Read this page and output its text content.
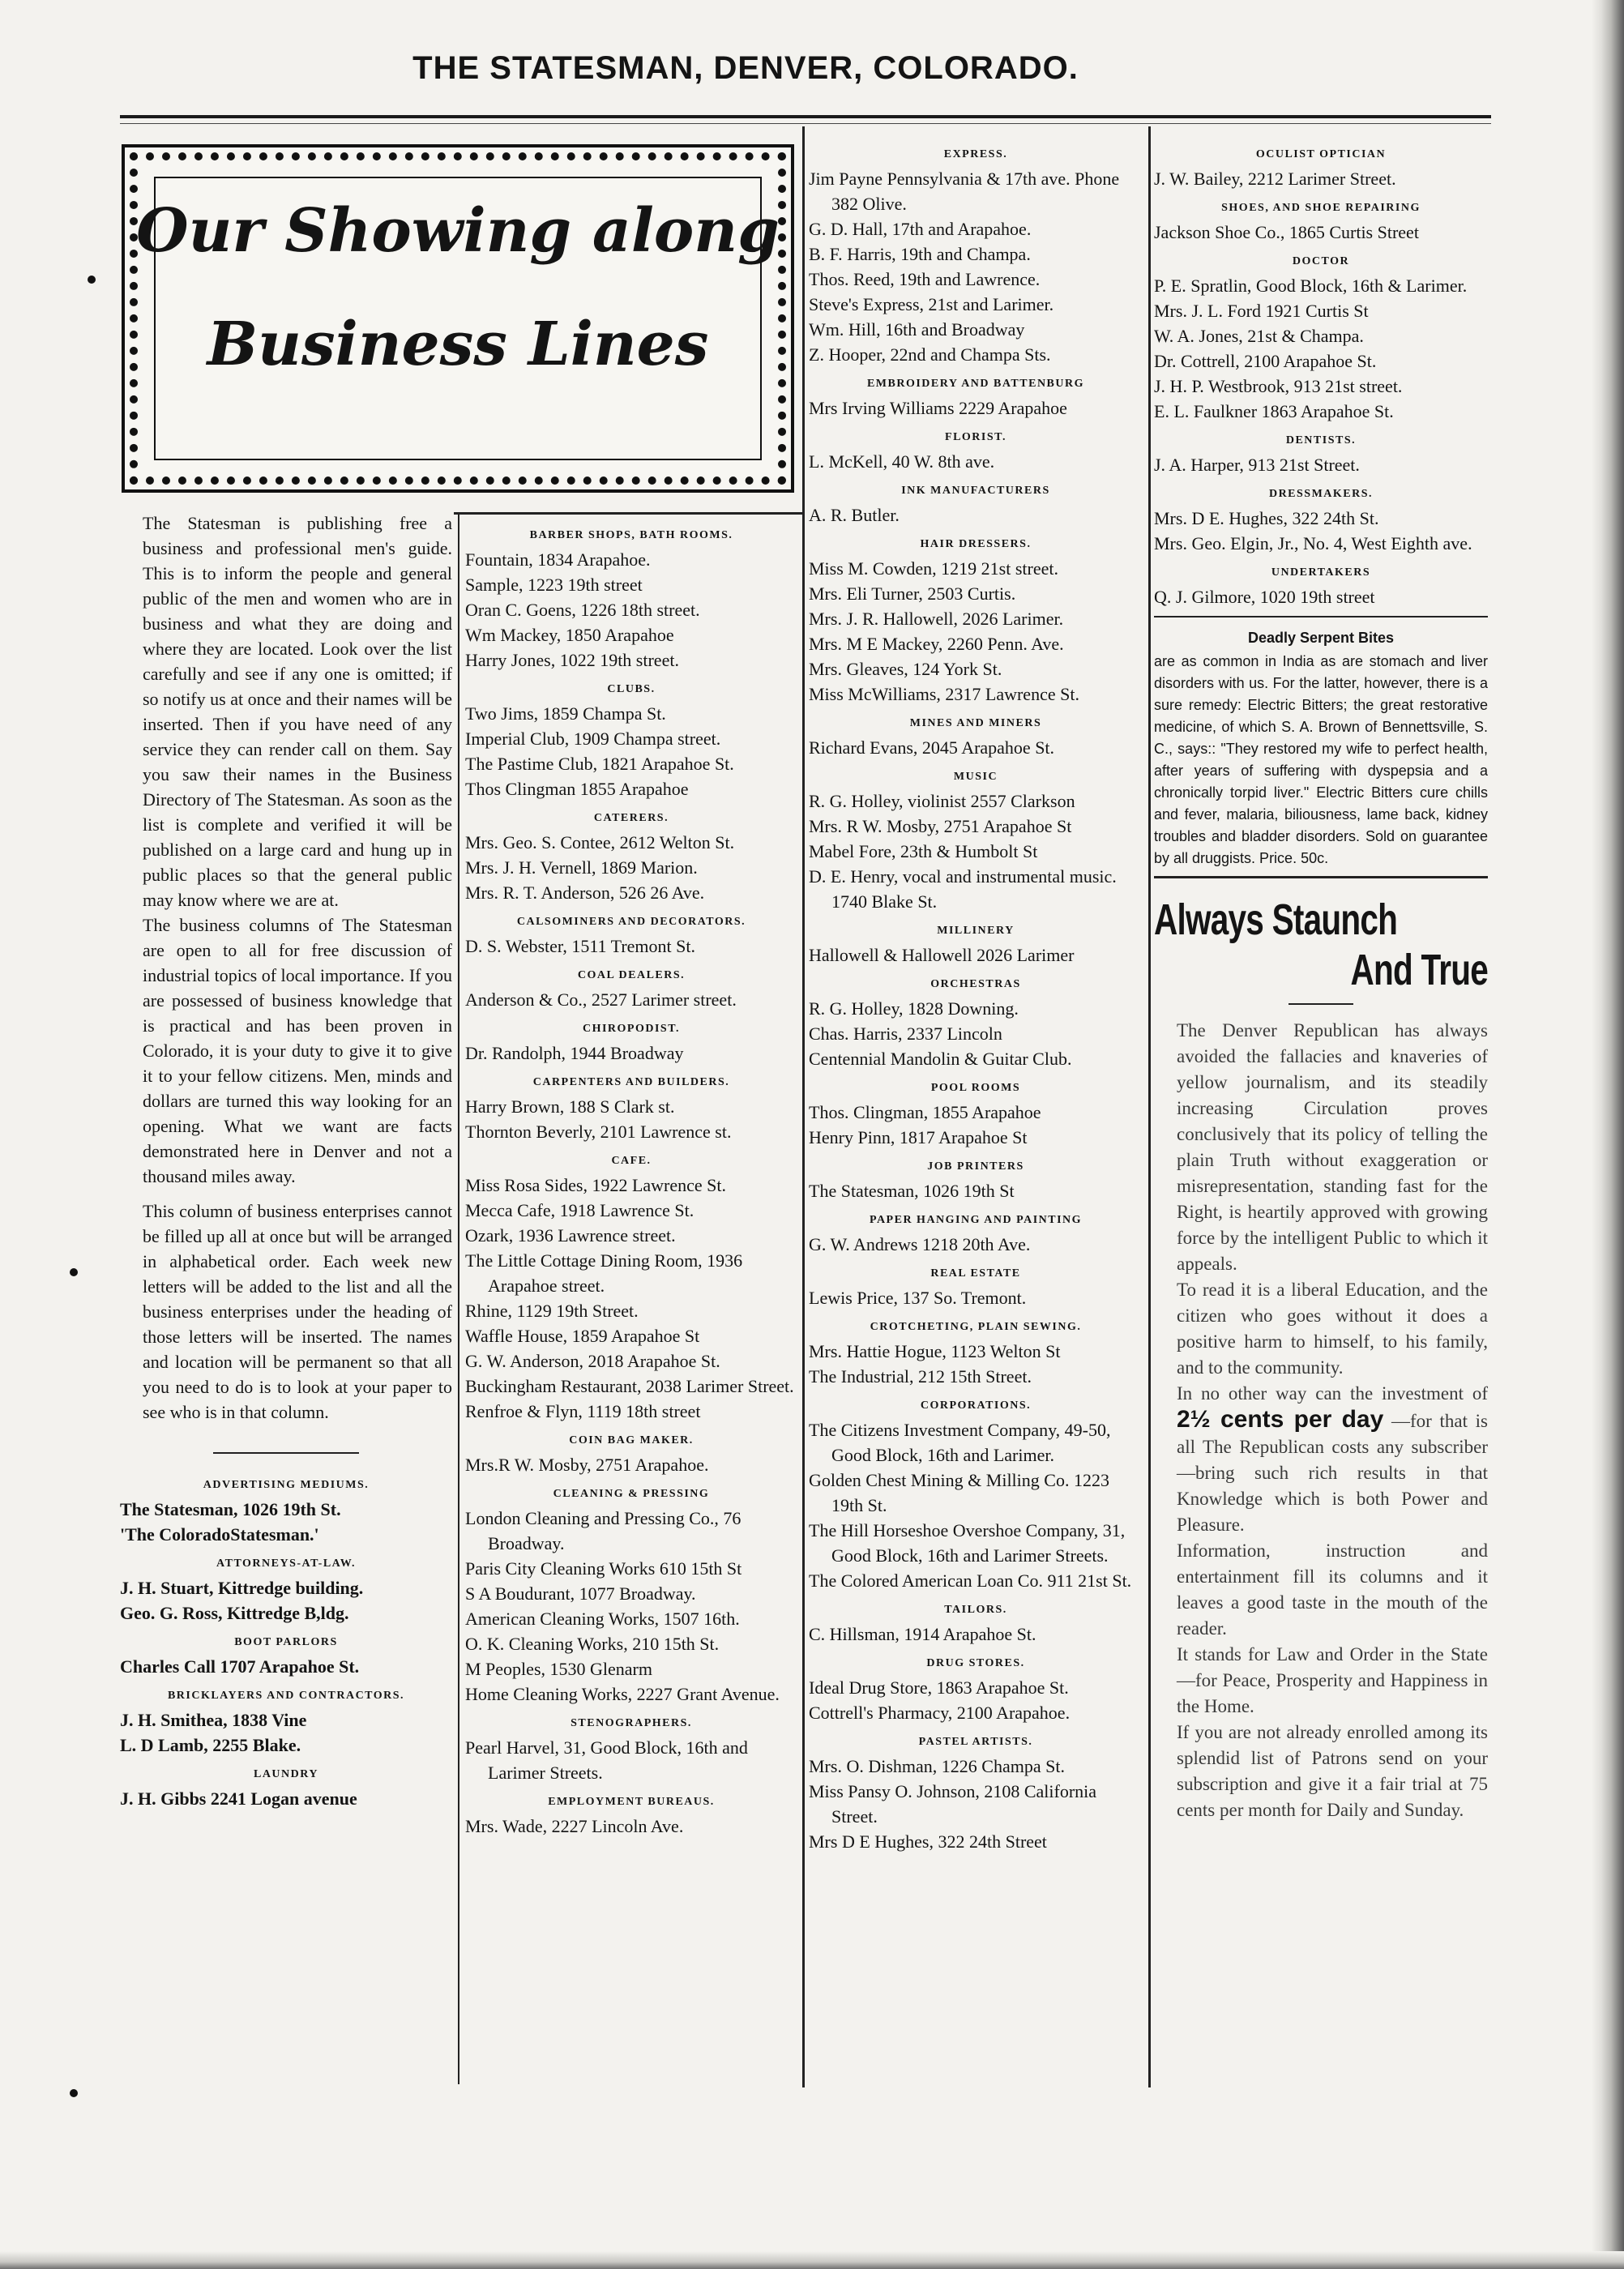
THE STATESMAN, DENVER, COLORADO.
Our Showing along
Business Lines

The Statesman is publishing free a business and professional men's guide. This is to inform the people and general public of the men and women who are in business and what they are doing and where they are located. Look over the list carefully and see if any one is omitted; if so notify us at once and their names will be inserted. Then if you have need of any service they can render call on them. Say you saw their names in the Business Directory of The Statesman. As soon as the list is complete and verified it will be published on a large card and hung up in public places so that the general public may know where we are at.

The business columns of The Statesman are open to all for free discussion of industrial topics of local importance. If you are possessed of business knowledge that is practical and has been proven in Colorado, it is your duty to give it to give it to your fellow citizens. Men, minds and dollars are turned this way looking for an opening. What we want are facts demonstrated here in Denver and not a thousand miles away.

This column of business enterprises cannot be filled up all at once but will be arranged in alphabetical order. Each week new letters will be added to the list and all the business enterprises under the heading of those letters will be inserted. The names and location will be permanent so that all you need to do is to look at your paper to see who is in that column.

ADVERTISING MEDIUMS.

The Statesman, 1026 19th St.

'The ColoradoStatesman.'

ATTORNEYS-AT-LAW.

J. H. Stuart, Kittredge building.

Geo. G. Ross, Kittredge B,ldg.

BOOT PARLORS

Charles Call 1707 Arapahoe St.

BRICKLAYERS AND CONTRACTORS.

J. H. Smithea, 1838 Vine

L. D Lamb, 2255 Blake.

LAUNDRY

J. H. Gibbs 2241 Logan avenue

BARBER SHOPS, BATH ROOMS.

Fountain, 1834 Arapahoe.

Sample, 1223 19th street

Oran C. Goens, 1226 18th street.

Wm Mackey, 1850 Arapahoe

Harry Jones, 1022 19th street.

CLUBS.

Two Jims, 1859 Champa St.

Imperial Club, 1909 Champa street.

The Pastime Club, 1821 Arapahoe St.

Thos Clingman 1855 Arapahoe

CATERERS.

Mrs. Geo. S. Contee, 2612 Welton St.

Mrs. J. H. Vernell, 1869 Marion.

Mrs. R. T. Anderson, 526 26 Ave.

CALSOMINERS AND DECORATORS.

D. S. Webster, 1511 Tremont St.

COAL DEALERS.

Anderson & Co., 2527 Larimer street.

CHIROPODIST.

Dr. Randolph, 1944 Broadway

CARPENTERS AND BUILDERS.

Harry Brown, 188 S Clark st.

Thornton Beverly, 2101 Lawrence st.

CAFE.

Miss Rosa Sides, 1922 Lawrence St.

Mecca Cafe, 1918 Lawrence St.

Ozark, 1936 Lawrence street.

The Little Cottage Dining Room, 1936 Arapahoe street.

Rhine, 1129 19th Street.

Waffle House, 1859 Arapahoe St

G. W. Anderson, 2018 Arapahoe St.

Buckingham Restaurant, 2038 Larimer Street.

Renfroe & Flyn, 1119 18th street

COIN BAG MAKER.

Mrs.R W. Mosby, 2751 Arapahoe.

CLEANING & PRESSING

London Cleaning and Pressing Co., 76 Broadway.

Paris City Cleaning Works 610 15th St

S A Boudurant, 1077 Broadway.

American Cleaning Works, 1507 16th.

O. K. Cleaning Works, 210 15th St.

M Peoples, 1530 Glenarm

Home Cleaning Works, 2227 Grant Avenue.

STENOGRAPHERS.

Pearl Harvel, 31, Good Block, 16th and Larimer Streets.

EMPLOYMENT BUREAUS.

Mrs. Wade, 2227 Lincoln Ave.

EXPRESS.

Jim Payne Pennsylvania & 17th ave. Phone 382 Olive.

G. D. Hall, 17th and Arapahoe.

B. F. Harris, 19th and Champa.

Thos. Reed, 19th and Lawrence.

Steve's Express, 21st and Larimer.

Wm. Hill, 16th and Broadway

Z. Hooper, 22nd and Champa Sts.

EMBROIDERY AND BATTENBURG

Mrs Irving Williams 2229 Arapahoe

FLORIST.

L. McKell, 40 W. 8th ave.

INK MANUFACTURERS

A. R. Butler.

HAIR DRESSERS.

Miss M. Cowden, 1219 21st street.

Mrs. Eli Turner, 2503 Curtis.

Mrs. J. R. Hallowell, 2026 Larimer.

Mrs. M E Mackey, 2260 Penn. Ave.

Mrs. Gleaves, 124 York St.

Miss McWilliams, 2317 Lawrence St.

MINES AND MINERS

Richard Evans, 2045 Arapahoe St.

MUSIC

R. G. Holley, violinist 2557 Clarkson

Mrs. R W. Mosby, 2751 Arapahoe St

Mabel Fore, 23th & Humbolt St

D. E. Henry, vocal and instrumental music. 1740 Blake St.

MILLINERY

Hallowell & Hallowell 2026 Larimer

ORCHESTRAS

R. G. Holley, 1828 Downing.

Chas. Harris, 2337 Lincoln

Centennial Mandolin & Guitar Club.

POOL ROOMS

Thos. Clingman, 1855 Arapahoe

Henry Pinn, 1817 Arapahoe St

JOB PRINTERS

The Statesman, 1026 19th St

PAPER HANGING AND PAINTING

G. W. Andrews 1218 20th Ave.

REAL ESTATE

Lewis Price, 137 So. Tremont.

CROTCHETING, PLAIN SEWING.

Mrs. Hattie Hogue, 1123 Welton St

The Industrial, 212 15th Street.

CORPORATIONS.

The Citizens Investment Company, 49-50, Good Block, 16th and Larimer.

Golden Chest Mining & Milling Co. 1223 19th St.

The Hill Horseshoe Overshoe Company, 31, Good Block, 16th and Larimer Streets.

The Colored American Loan Co. 911 21st St.

TAILORS.

C. Hillsman, 1914 Arapahoe St.

DRUG STORES.

Ideal Drug Store, 1863 Arapahoe St.

Cottrell's Pharmacy, 2100 Arapahoe.

PASTEL ARTISTS.

Mrs. O. Dishman, 1226 Champa St.

Miss Pansy O. Johnson, 2108 California Street.

Mrs D E Hughes, 322 24th Street

OCULIST OPTICIAN

J. W. Bailey, 2212 Larimer Street.

SHOES, AND SHOE REPAIRING

Jackson Shoe Co., 1865 Curtis Street

DOCTOR

P. E. Spratlin, Good Block, 16th & Larimer.

Mrs. J. L. Ford 1921 Curtis St

W. A. Jones, 21st & Champa.

Dr. Cottrell, 2100 Arapahoe St.

J. H. P. Westbrook, 913 21st street.

E. L. Faulkner 1863 Arapahoe St.

DENTISTS.

J. A. Harper, 913 21st Street.

DRESSMAKERS.

Mrs. D E. Hughes, 322 24th St.

Mrs. Geo. Elgin, Jr., No. 4, West Eighth ave.

UNDERTAKERS

Q. J. Gilmore, 1020 19th street

Deadly Serpent Bites

are as common in India as are stomach and liver disorders with us. For the latter, however, there is a sure remedy: Electric Bitters; the great restorative medicine, of which S. A. Brown of Bennettsville, S. C., says:: "They restored my wife to perfect health, after years of suffering with dyspepsia and a chronically torpid liver." Electric Bitters cure chills and fever, malaria, biliousness, lame back, kidney troubles and bladder disorders. Sold on guarantee by all druggists. Price. 50c.

Always Staunch
And True

The Denver Republican has always avoided the fallacies and knaveries of yellow journalism, and its steadily increasing Circulation proves conclusively that its policy of telling the plain Truth without exaggeration or misrepresentation, standing fast for the Right, is heartily approved with growing force by the intelligent Public to which it appeals.

To read it is a liberal Education, and the citizen who goes without it does a positive harm to himself, to his family, and to the community.

In no other way can the investment of 2½ cents per day —for that is all The Republican costs any subscriber—bring such rich results in that Knowledge which is both Power and Pleasure.

Information, instruction and entertainment fill its columns and it leaves a good taste in the mouth of the reader.

It stands for Law and Order in the State—for Peace, Prosperity and Happiness in the Home.

If you are not already enrolled among its splendid list of Patrons send on your subscription and give it a fair trial at 75 cents per month for Daily and Sunday.
